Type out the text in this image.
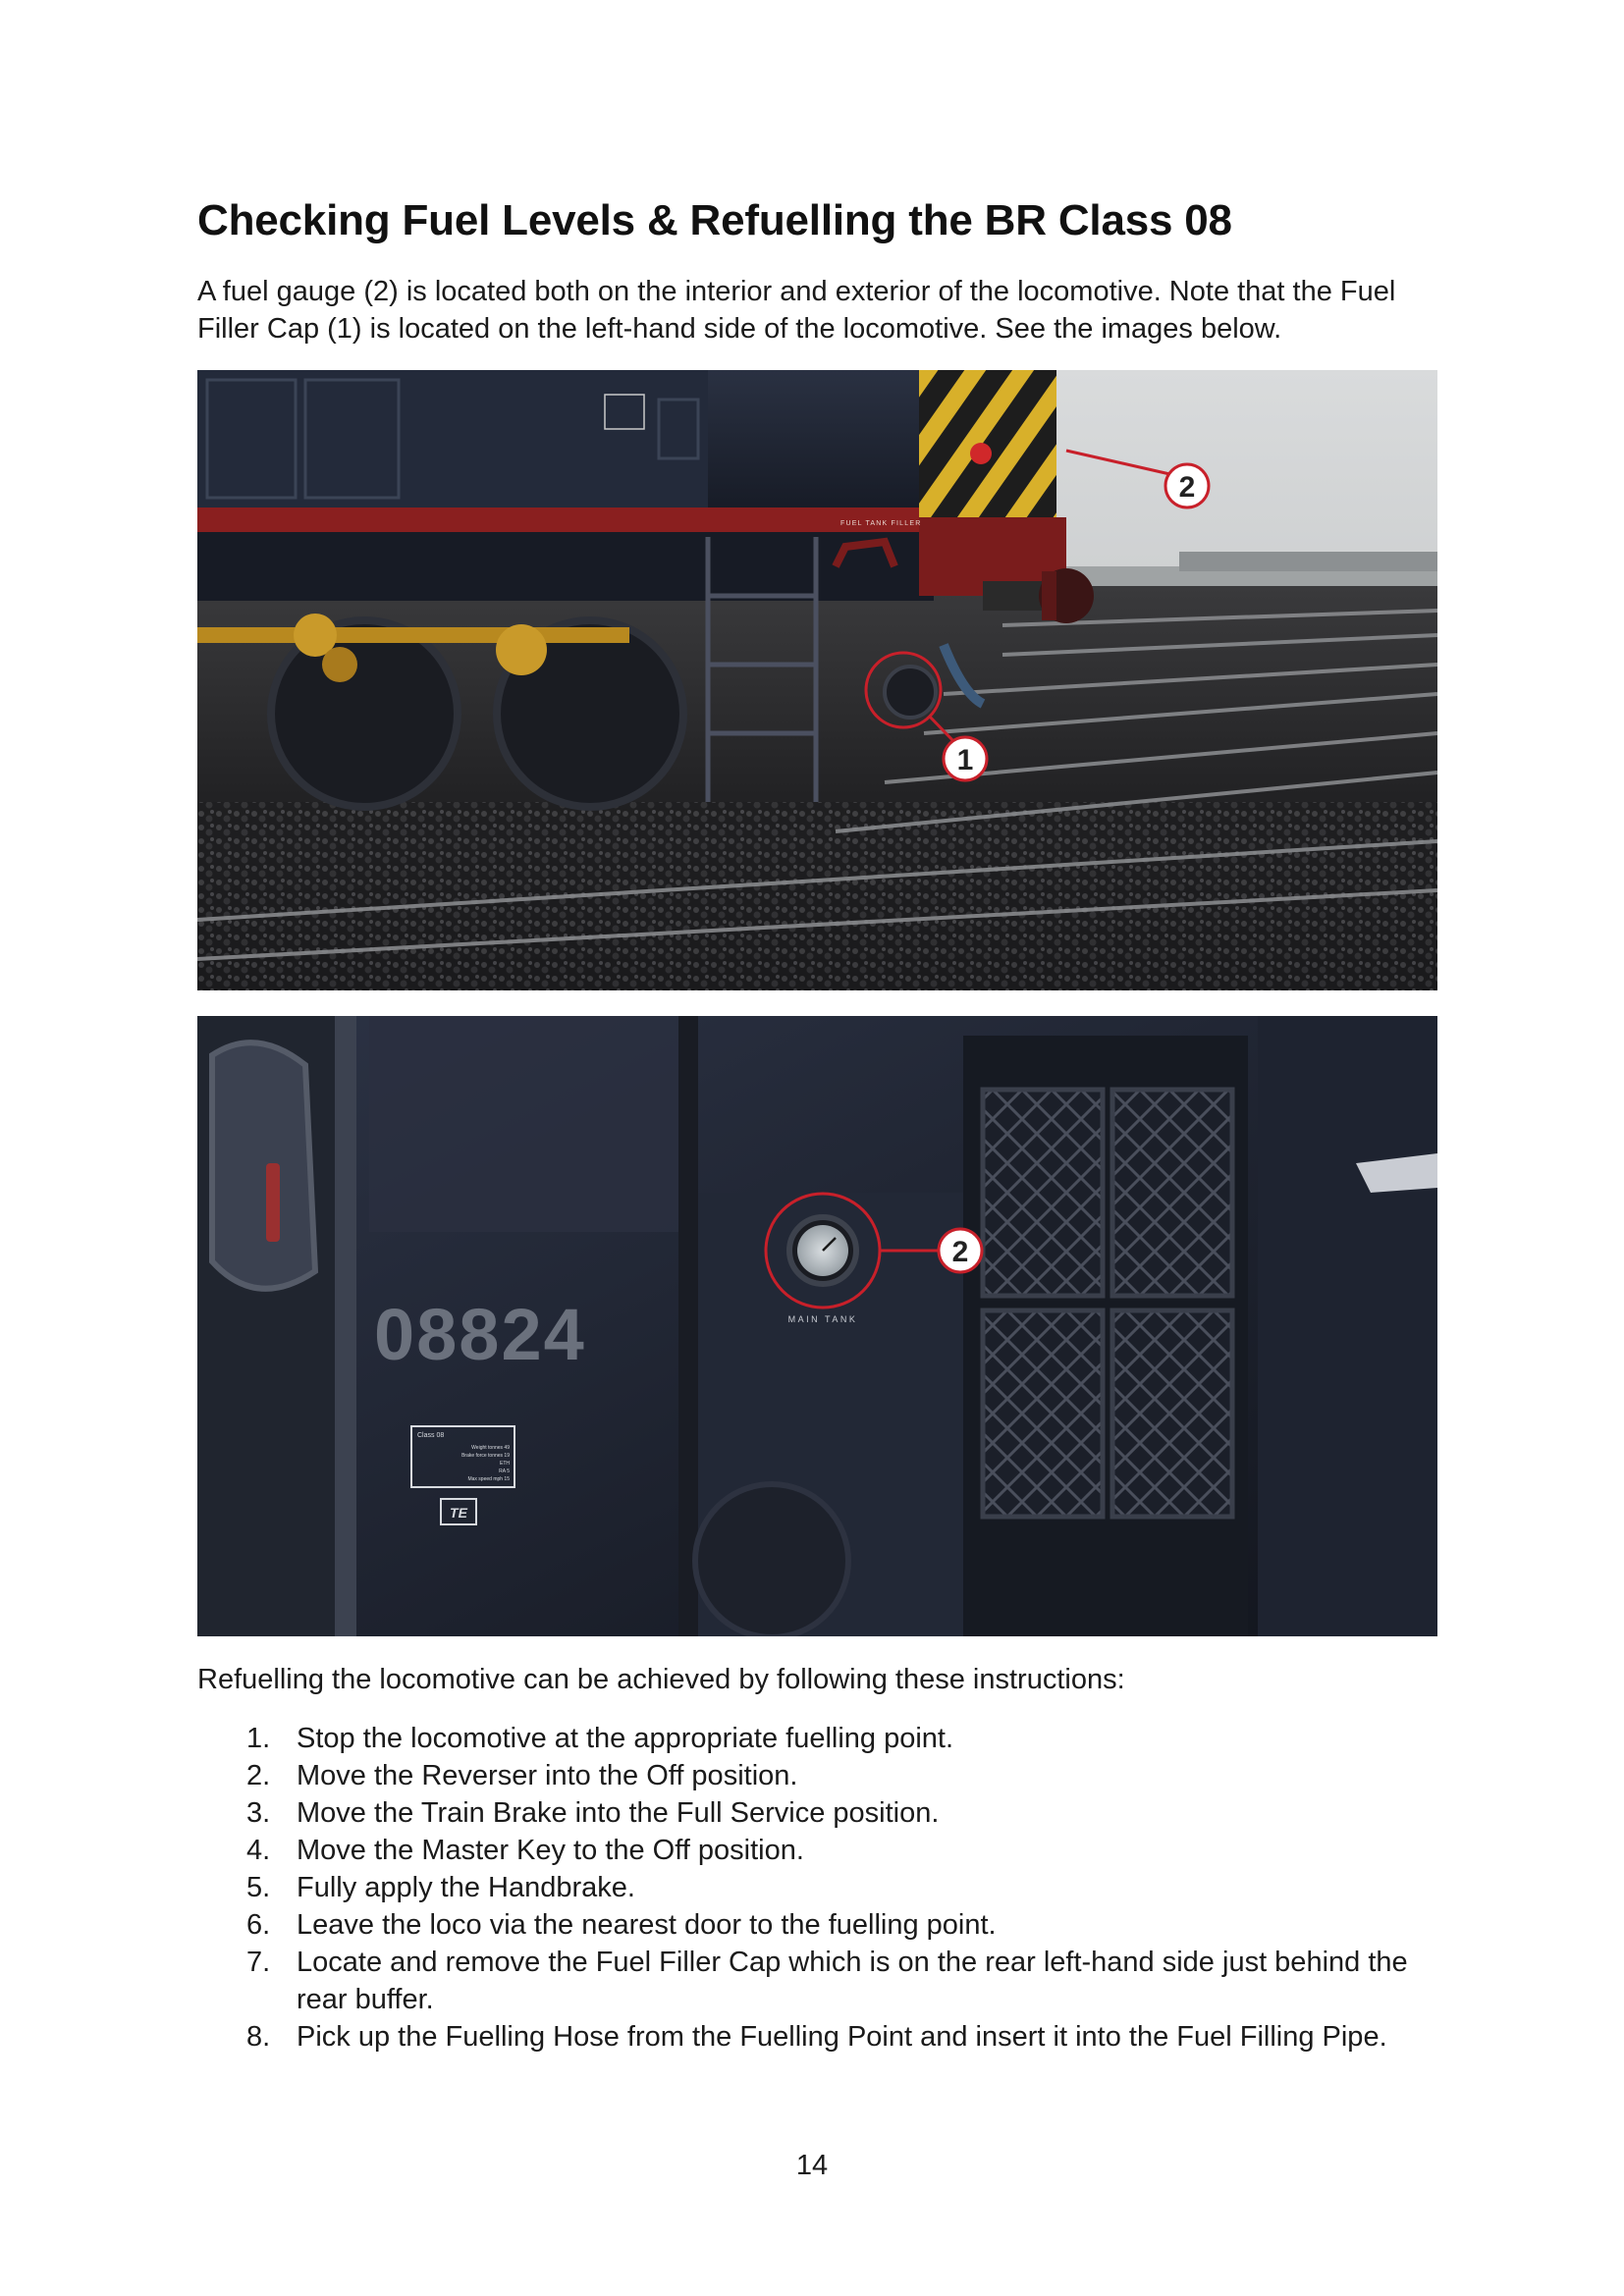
Checking Fuel Levels & Refuelling the BR Class 08

A fuel gauge (2) is located both on the interior and exterior of the locomotive. Note that the Fuel Filler Cap (1) is located on the left-hand side of the locomotive. See the images below.

FUEL TANK FILLER
2
1
08824
Class 08
Weight tonnes 49
Brake force tonnes 19
ETH
RA 5
Max speed mph 15
TE
MAIN TANK
2

Refuelling the locomotive can be achieved by following these instructions:

1. Stop the locomotive at the appropriate fuelling point.
2. Move the Reverser into the Off position.
3. Move the Train Brake into the Full Service position.
4. Move the Master Key to the Off position.
5. Fully apply the Handbrake.
6. Leave the loco via the nearest door to the fuelling point.
7. Locate and remove the Fuel Filler Cap which is on the rear left-hand side just behind the rear buffer.
8. Pick up the Fuelling Hose from the Fuelling Point and insert it into the Fuel Filling Pipe.
14
